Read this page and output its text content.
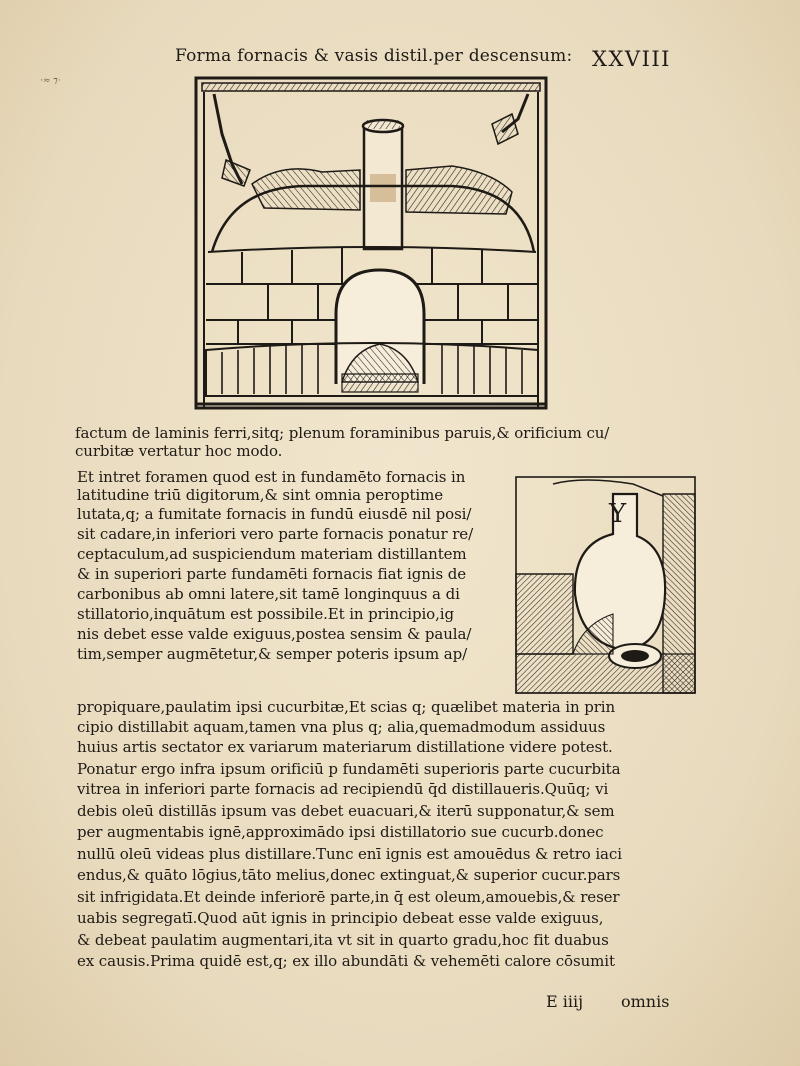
Forma fornacis & vasis distil.per descensum: XXVIII
·≈ ⁊·
Y
factum de laminis ferri,sitq; plenum foraminibus paruis,& orificium cu/
curbitæ vertatur hoc modo.
Et intret foramen quod est in fundamēto fornacis in
latitudine triū digitorum,& sint omnia peroptime
lutata,q; a fumitate fornacis in fundū eiusdē nil posi/
sit cadare,in inferiori vero parte fornacis ponatur re/
ceptaculum,ad suspiciendum materiam distillantem
& in superiori parte fundamēti fornacis fiat ignis de
carbonibus ab omni latere,sit tamē longinquus a di
stillatorio,inquātum est possibile.Et in principio,ig
nis debet esse valde exiguus,postea sensim & paula/
tim,semper augmētetur,& semper poteris ipsum ap/
propiquare,paulatim ipsi cucurbitæ,Et scias q; quælibet materia in prin
cipio distillabit aquam,tamen vna plus q; alia,quemadmodum assiduus
huius artis sectator ex variarum materiarum distillatione videre potest.
Ponatur ergo infra ipsum orificiū p fundamēti superioris parte cucurbita
vitrea in inferiori parte fornacis ad recipiendū q̄d distillaueris.Quūq; vi
debis oleū distillās ipsum vas debet euacuari,& iterū supponatur,& sem
per augmentabis ignē,approximādo ipsi distillatorio sue cucurb.donec
nullū oleū videas plus distillare.Tunc enī ignis est amouēdus & retro iaci
endus,& quāto lōgius,tāto melius,donec extinguat,& superior cucur.pars
sit infrigidata.Et deinde inferiorē parte,in q̄ est oleum,amouebis,& reser
uabis segregatī.Quod aūt ignis in principio debeat esse valde exiguus,
& debeat paulatim augmentari,ita vt sit in quarto gradu,hoc fit duabus
ex causis.Prima quidē est,q; ex illo abundāti & vehemēti calore cōsumit
E iiij omnis
